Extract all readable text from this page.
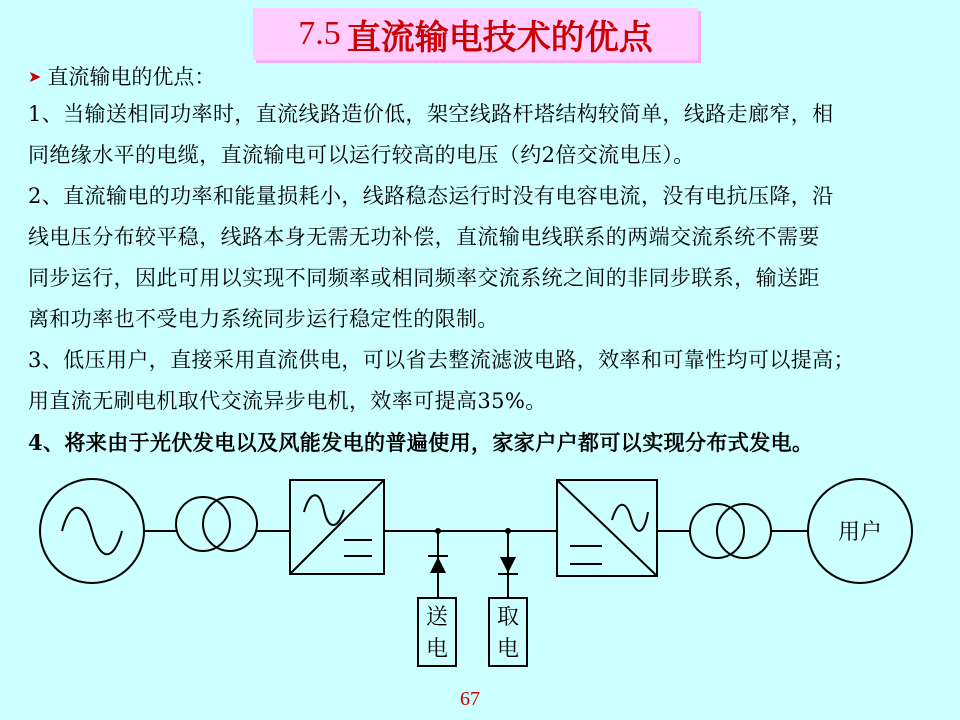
7.5 直流输电技术的优点
➤ 直流输电的优点：
1、当输送相同功率时，直流线路造价低，架空线路杆塔结构较简单，线路走廊窄，相
同绝缘水平的电缆，直流输电可以运行较高的电压（约2倍交流电压）。
2、直流输电的功率和能量损耗小，线路稳态运行时没有电容电流，没有电抗压降，沿
线电压分布较平稳，线路本身无需无功补偿，直流输电线联系的两端交流系统不需要
同步运行，因此可用以实现不同频率或相同频率交流系统之间的非同步联系，输送距
离和功率也不受电力系统同步运行稳定性的限制。
3、低压用户，直接采用直流供电，可以省去整流滤波电路，效率和可靠性均可以提高；
用直流无刷电机取代交流异步电机，效率可提高35%。
4、将来由于光伏发电以及风能发电的普遍使用，家家户户都可以实现分布式发电。
用户
送
电
取
电
67
